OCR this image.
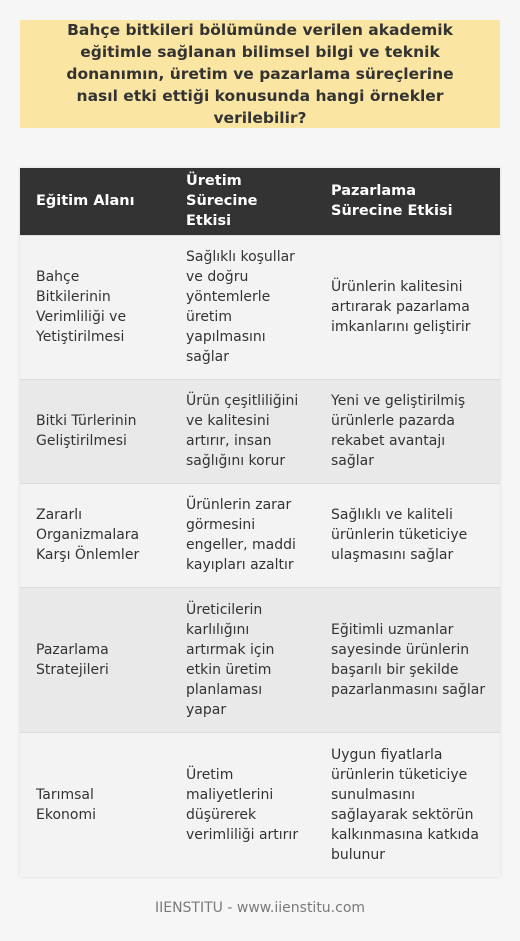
Bahçe bitkileri bölümünde verilen akademik eğitimle sağlanan bilimsel bilgi ve teknik donanımın, üretim ve pazarlama süreçlerine nasıl etki ettiği konusunda hangi örnekler verilebilir?

Eğitim Alanı	Üretim Sürecine Etkisi	Pazarlama Sürecine Etkisi
Bahçe Bitkilerinin Verimliliği ve Yetiştirilmesi	Sağlıklı koşullar ve doğru yöntemlerle üretim yapılmasını sağlar	Ürünlerin kalitesini artırarak pazarlama imkanlarını geliştirir
Bitki Türlerinin Geliştirilmesi	Ürün çeşitliliğini ve kalitesini artırır, insan sağlığını korur	Yeni ve geliştirilmiş ürünlerle pazarda rekabet avantajı sağlar
Zararlı Organizmalara Karşı Önlemler	Ürünlerin zarar görmesini engeller, maddi kayıpları azaltır	Sağlıklı ve kaliteli ürünlerin tüketiciye ulaşmasını sağlar
Pazarlama Stratejileri	Üreticilerin karlılığını artırmak için etkin üretim planlaması yapar	Eğitimli uzmanlar sayesinde ürünlerin başarılı bir şekilde pazarlanmasını sağlar
Tarımsal Ekonomi	Üretim maliyetlerini düşürerek verimliliği artırır	Uygun fiyatlarla ürünlerin tüketiciye sunulmasını sağlayarak sektörün kalkınmasına katkıda bulunur
IIENSTITU - www.iienstitu.com
